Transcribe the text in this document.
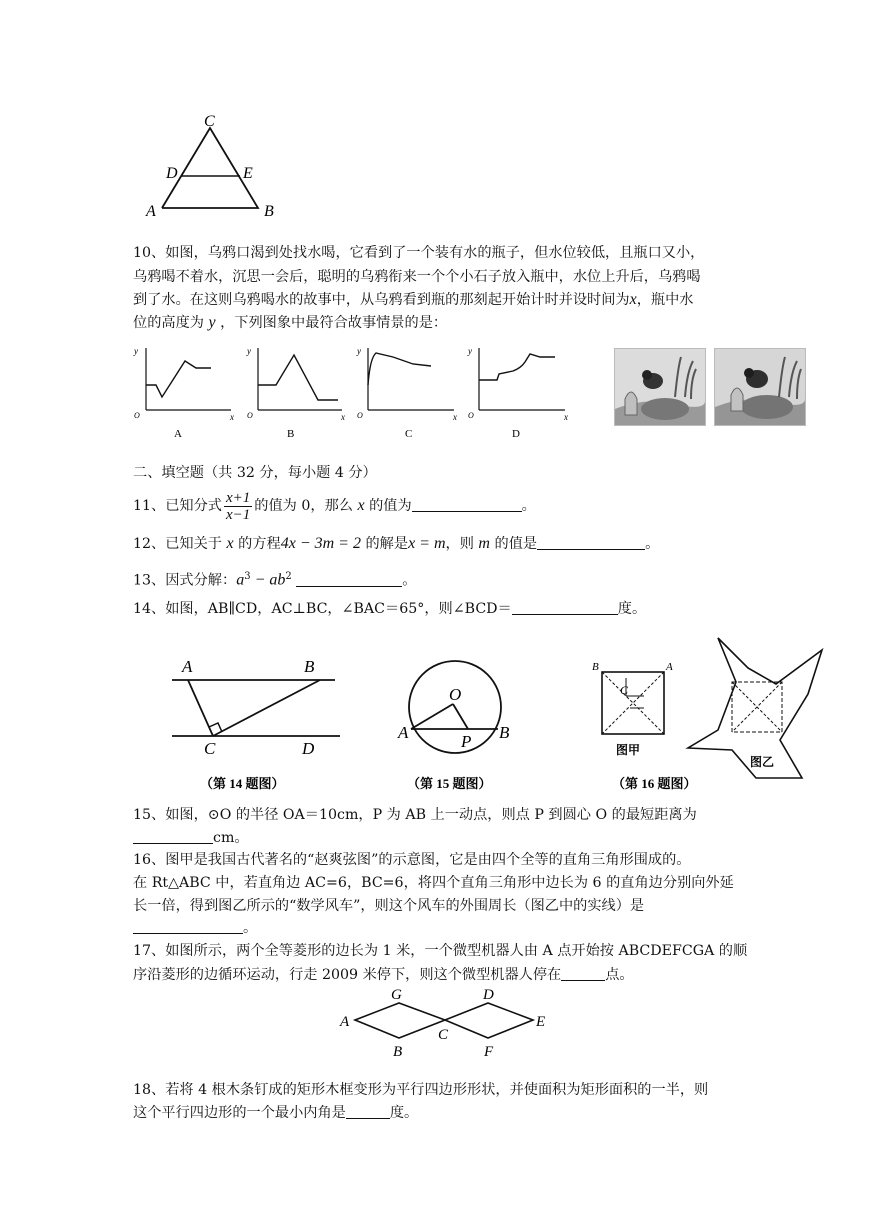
C
D	E
A	B
10、如图，乌鸦口渴到处找水喝，它看到了一个装有水的瓶子，但水位较低，且瓶口又小，
乌鸦喝不着水，沉思一会后，聪明的乌鸦衔来一个个小石子放入瓶中，水位上升后，乌鸦喝
到了水。在这则乌鸦喝水的故事中，从乌鸦看到瓶的那刻起开始计时并设时间为x，瓶中水
位的高度为 y ，下列图象中最符合故事情景的是：
y
x
O
A
y
x
O
B
y
x
O
C
y
x
O
D
二、填空题（共 32 分，每小题 4 分）
11、已知分式 $\frac{x+1}{x-1}$ 的值为 0，那么 x 的值为	。
12、已知关于 x 的方程4x − 3m = 2 的解是x = m，则 m 的值是	。
13、因式分解：$a^3 - ab^2$	。
14、如图，AB∥CD，AC⊥BC，∠BAC＝65°，则∠BCD＝	度。
A	B
C	D
（第 14 题图）
O
A	B
P
（第 15 题图）
B	A
C
图甲
图乙
（第 16 题图）
15、如图，⊙O 的半径 OA＝10cm，P 为 AB 上一动点，则点 P 到圆心 O 的最短距离为
cm。
16、图甲是我国古代著名的“赵爽弦图”的示意图，它是由四个全等的直角三角形围成的。
在 Rt△ABC 中，若直角边 AC=6，BC=6，将四个直角三角形中边长为 6 的直角边分别向外延
长一倍，得到图乙所示的“数学风车”，则这个风车的外围周长（图乙中的实线）是
。
17、如图所示，两个全等菱形的边长为 1 米，一个微型机器人由 A 点开始按 ABCDEFCGA 的顺
序沿菱形的边循环运动，行走 2009 米停下，则这个微型机器人停在	点。
G	D
A
C
E
B	F
18、若将 4 根木条钉成的矩形木框变形为平行四边形形状，并使面积为矩形面积的一半，则
这个平行四边形的一个最小内角是	度。
